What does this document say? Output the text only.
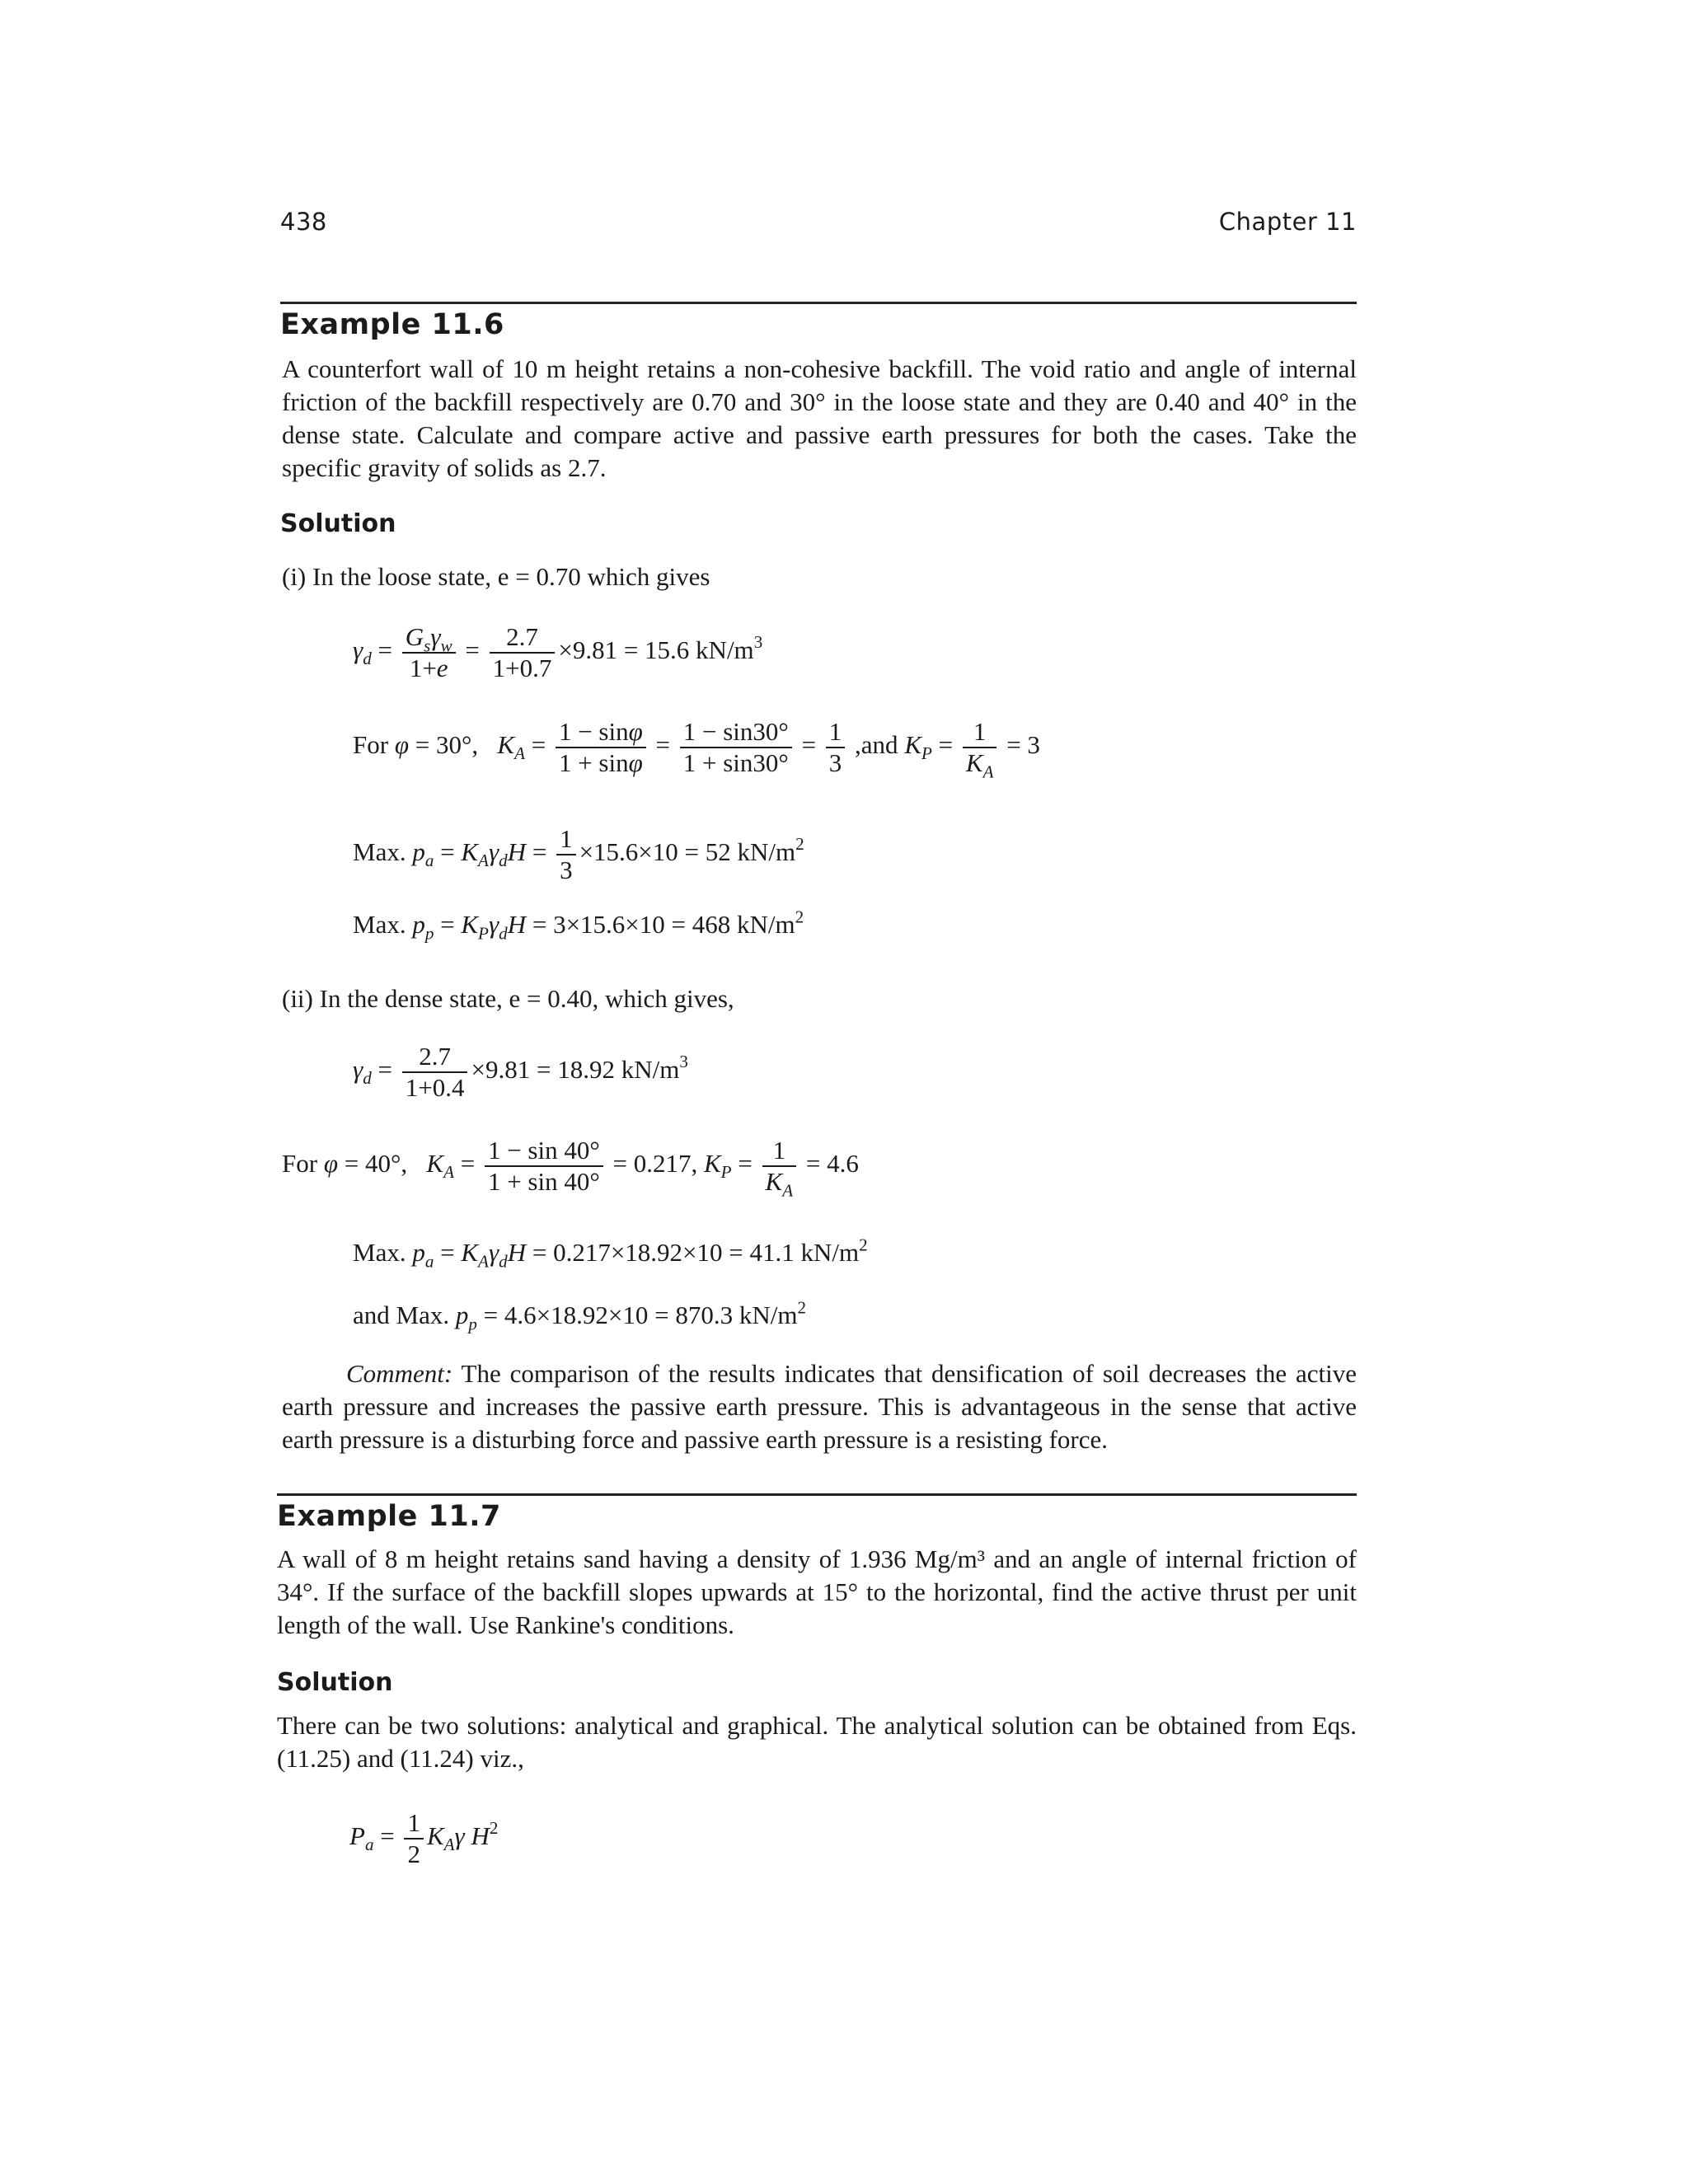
438	Chapter 11
Example 11.6
A counterfort wall of 10 m height retains a non-cohesive backfill. The void ratio and angle of internal friction of the backfill respectively are 0.70 and 30° in the loose state and they are 0.40 and 40° in the dense state. Calculate and compare active and passive earth pressures for both the cases. Take the specific gravity of solids as 2.7.
Solution
(i) In the loose state, e = 0.70 which gives
$\gamma_d = \frac{G_s\gamma_w}{1+e} = \frac{2.7}{1+0.7} \times 9.81 = 15.6$ $kN/m^3$
For φ = 30°,   $K_A = \frac{1 - \sin\varphi}{1 + \sin\varphi} = \frac{1 - \sin 30^\circ}{1 + \sin 30^\circ} = \frac{1}{3} ,and$ $K_P = \frac{1}{K_A} = 3$
Max. $p_a = K_A\gamma_dH = \frac{1}{3} \times 15.6\times 10 = 52$ $kN/m^2$
Max. $p_p = K_P\gamma_dH = 3\times 15.6\times 10 = 468$ $kN/m^2$
(ii) In the dense state, e = 0.40, which gives,
$\gamma_d = \frac{2.7}{1+0.4} \times 9.81 = 18.92$ $kN/m^3$
For φ = 40°,   $K_A = \frac{1 - \sin 40^\circ}{1 + \sin 40^\circ} = 0.217$, $K_P = \frac{1}{K_A} = 4.6$
Max. $p_a = K_A\gamma_dH = 0.217\times 18.92\times 10 = 41.1$ $kN/m^2$
and Max. $p_p = 4.6\times 18.92\times 10 = 870.3$ $kN/m^2$
Comment: The comparison of the results indicates that densification of soil decreases the active earth pressure and increases the passive earth pressure. This is advantageous in the sense that active earth pressure is a disturbing force and passive earth pressure is a resisting force.
Example 11.7
A wall of 8 m height retains sand having a density of 1.936 Mg/m³ and an angle of internal friction of 34°. If the surface of the backfill slopes upwards at 15° to the horizontal, find the active thrust per unit length of the wall. Use Rankine's conditions.
Solution
There can be two solutions: analytical and graphical. The analytical solution can be obtained from Eqs. (11.25) and (11.24) viz.,
$P_a = \frac{1}{2} K_A\gamma$ $H^2$
